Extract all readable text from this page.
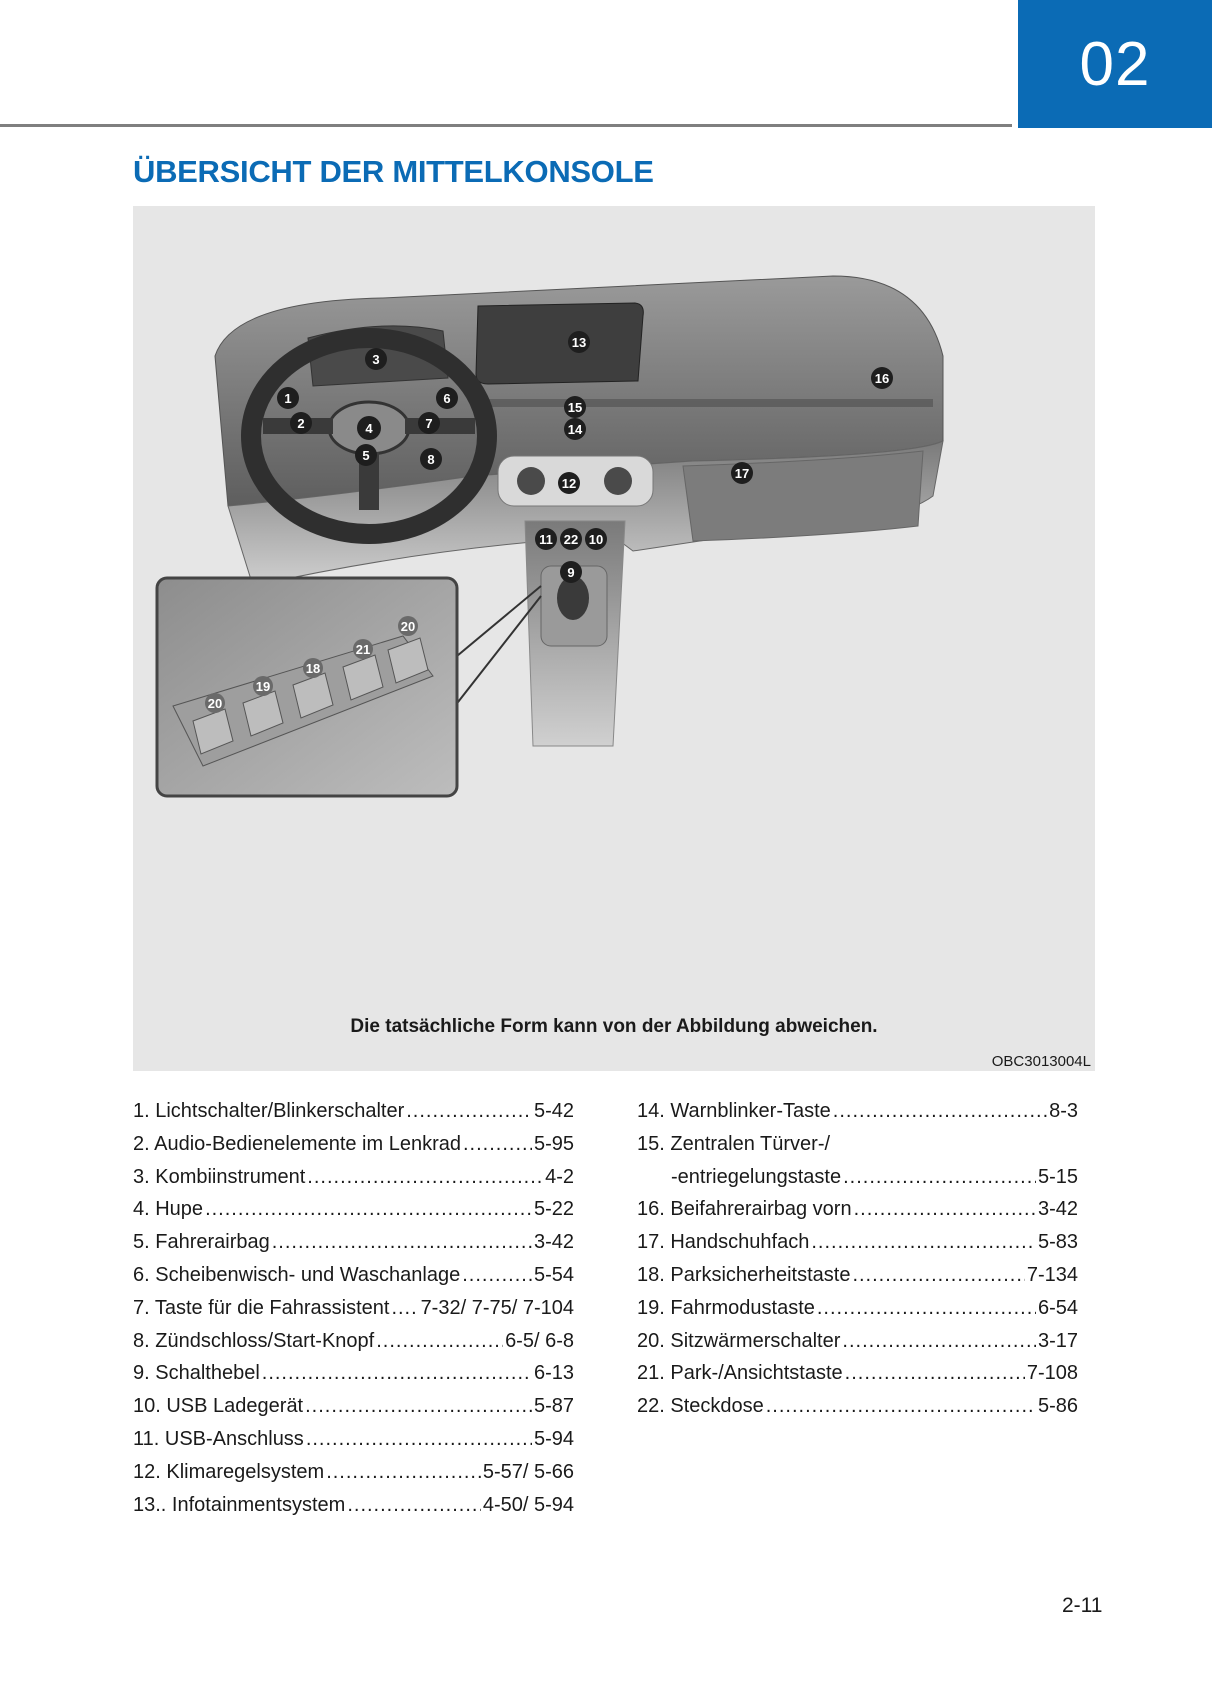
02
ÜBERSICHT DER MITTELKONSOLE
1
2
3
4
5
6
7
8
9
10
11
12
13
14
15
16
17
22
20
19
18
21
20
Die tatsächliche Form kann von der Abbildung abweichen.
OBC3013004L
1. Lichtschalter/Blinkerschalter .....	5-42
2. Audio-Bedienelemente im Lenkrad .....	5-95
3. Kombiinstrument .....	4-2
4. Hupe .....	5-22
5. Fahrerairbag .....	3-42
6. Scheibenwisch- und Waschanlage .....	5-54
7. Taste für die Fahrassistent ..... 7-32/ 7-75/ 7-104
8. Zündschloss/Start-Knopf .....	6-5/ 6-8
9. Schalthebel .....	6-13
10. USB Ladegerät .....	5-87
11. USB-Anschluss .....	5-94
12. Klimaregelsystem .....	5-57/ 5-66
13.. Infotainmentsystem .....	4-50/ 5-94
14. Warnblinker-Taste .....	8-3
15. Zentralen Türver-/
-entriegelungstaste .....	5-15
16. Beifahrerairbag vorn .....	3-42
17. Handschuhfach .....	5-83
18. Parksicherheitstaste .....	7-134
19. Fahrmodustaste .....	6-54
20. Sitzwärmerschalter .....	3-17
21. Park-/Ansichtstaste .....	7-108
22. Steckdose .....	5-86
2-11
